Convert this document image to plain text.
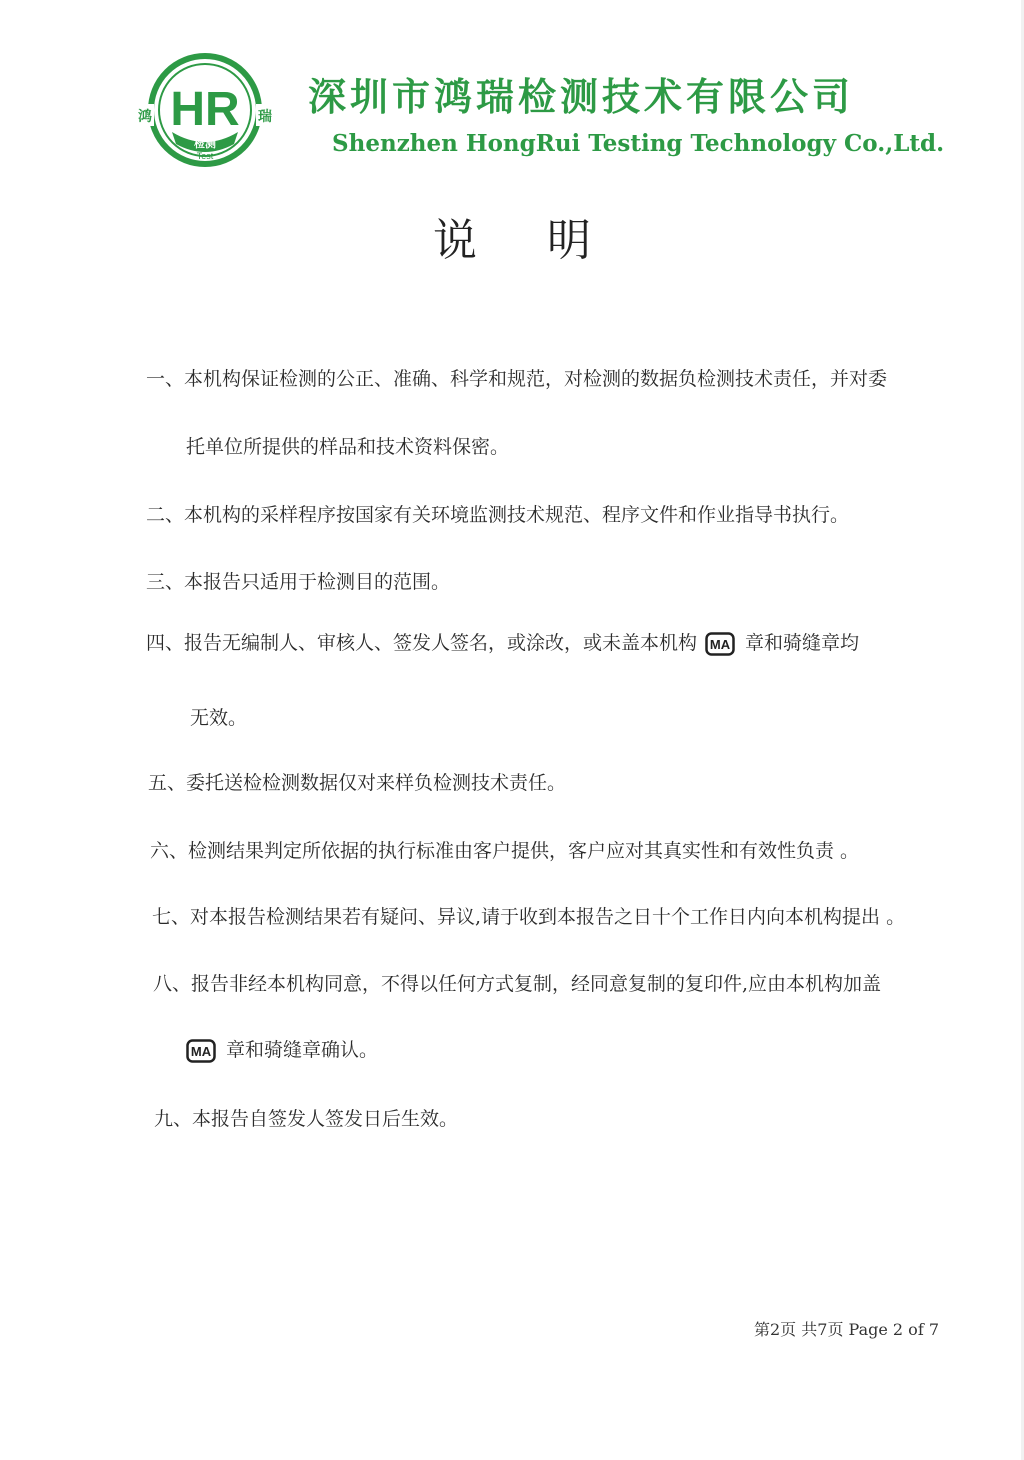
鸿	瑞
HR
检测
Test
深圳市鸿瑞检测技术有限公司
Shenzhen HongRui Testing Technology Co.,Ltd.
说明
一、本机构保证检测的公正、准确、科学和规范，对检测的数据负检测技术责任，并对委
托单位所提供的样品和技术资料保密。
二、本机构的采样程序按国家有关环境监测技术规范、程序文件和作业指导书执行。
三、本报告只适用于检测目的范围。
四、报告无编制人、审核人、签发人签名，或涂改，或未盖本机构 MA 章和骑缝章均
无效。
五、委托送检检测数据仅对来样负检测技术责任。
六、检测结果判定所依据的执行标准由客户提供，客户应对其真实性和有效性负责 。
七、对本报告检测结果若有疑问、异议,请于收到本报告之日十个工作日内向本机构提出 。
八、报告非经本机构同意，不得以任何方式复制，经同意复制的复印件,应由本机构加盖
MA 章和骑缝章确认。
九、本报告自签发人签发日后生效。
第2页 共7页 Page 2 of 7
